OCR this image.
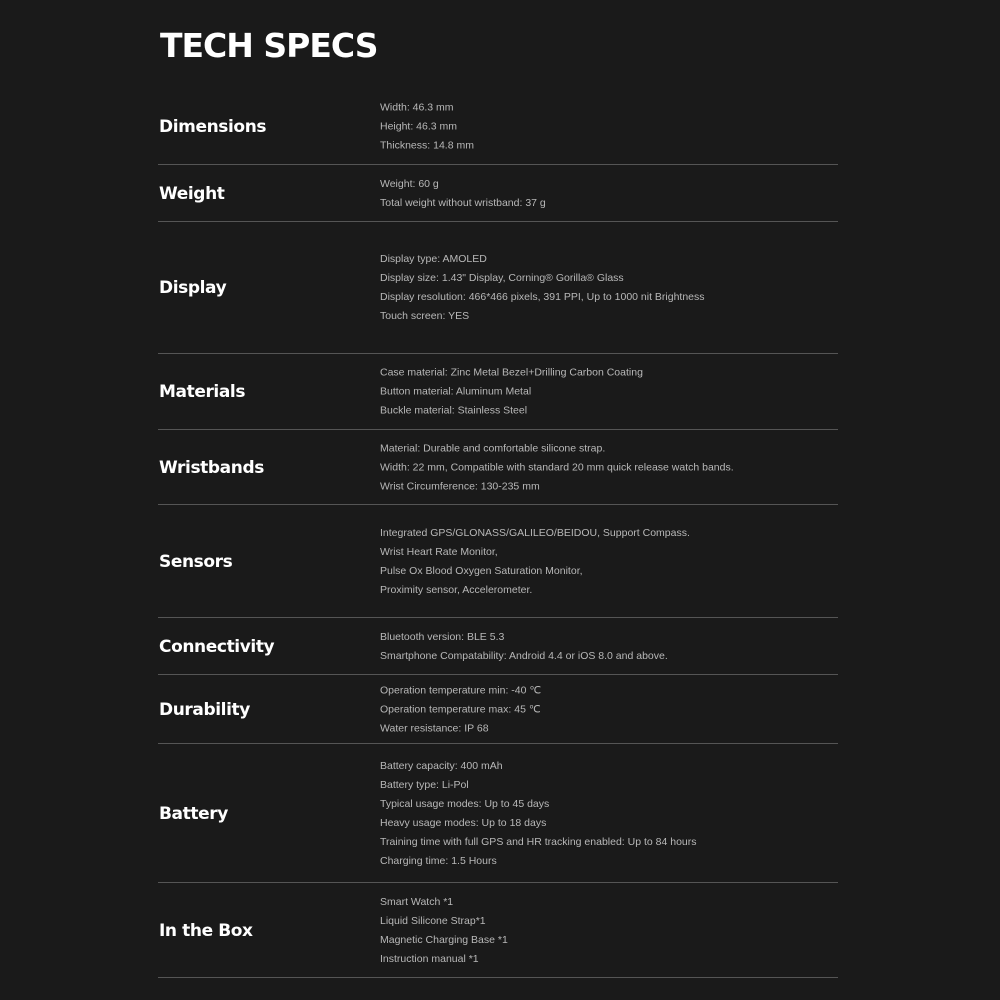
TECH SPECS
Dimensions
Width: 46.3 mm
Height: 46.3 mm
Thickness: 14.8 mm
Weight	Weight: 60 g
Total weight without wristband: 37 g
Display
Display type: AMOLED
Display size: 1.43" Display, Corning® Gorilla® Glass
Display resolution: 466*466 pixels, 391 PPI, Up to 1000 nit Brightness
Touch screen: YES
Materials
Case material: Zinc Metal Bezel+Drilling Carbon Coating
Button material: Aluminum Metal
Buckle material: Stainless Steel
Wristbands
Material: Durable and comfortable silicone strap.
Width: 22 mm, Compatible with standard 20 mm quick release watch bands.
Wrist Circumference: 130-235 mm
Sensors
Integrated GPS/GLONASS/GALILEO/BEIDOU, Support Compass.
Wrist Heart Rate Monitor,
Pulse Ox Blood Oxygen Saturation Monitor,
Proximity sensor, Accelerometer.
Connectivity	Bluetooth version: BLE 5.3
Smartphone Compatability: Android 4.4 or iOS 8.0 and above.
Durability
Operation temperature min: -40 ℃
Operation temperature max: 45 ℃
Water resistance: IP 68
Battery
Battery capacity: 400 mAh
Battery type: Li-Pol
Typical usage modes: Up to 45 days
Heavy usage modes: Up to 18 days
Training time with full GPS and HR tracking enabled: Up to 84 hours
Charging time: 1.5 Hours
In the Box
Smart Watch *1
Liquid Silicone Strap*1
Magnetic Charging Base *1
Instruction manual *1
